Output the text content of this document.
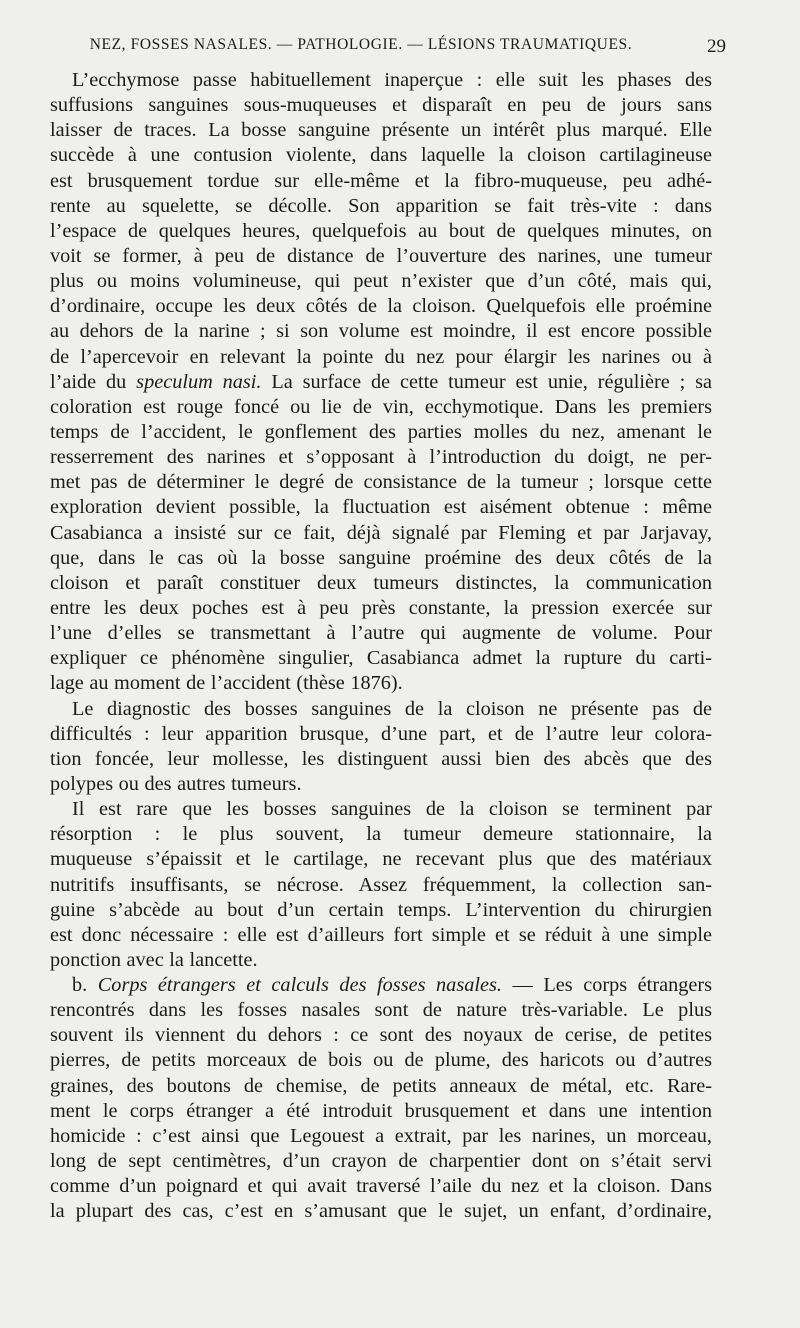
NEZ, FOSSES NASALES. — PATHOLOGIE. — LÉSIONS TRAUMATIQUES.	29
L’ecchymose passe habituellement inaperçue : elle suit les phases des
suffusions sanguines sous-muqueuses et disparaît en peu de jours sans
laisser de traces. La bosse sanguine présente un intérêt plus marqué. Elle
succède à une contusion violente, dans laquelle la cloison cartilagineuse
est brusquement tordue sur elle-même et la fibro-muqueuse, peu adhé-
rente au squelette, se décolle. Son apparition se fait très-vite : dans
l’espace de quelques heures, quelquefois au bout de quelques minutes, on
voit se former, à peu de distance de l’ouverture des narines, une tumeur
plus ou moins volumineuse, qui peut n’exister que d’un côté, mais qui,
d’ordinaire, occupe les deux côtés de la cloison. Quelquefois elle proémine
au dehors de la narine ; si son volume est moindre, il est encore possible
de l’apercevoir en relevant la pointe du nez pour élargir les narines ou à
l’aide du speculum nasi. La surface de cette tumeur est unie, régulière ; sa
coloration est rouge foncé ou lie de vin, ecchymotique. Dans les premiers
temps de l’accident, le gonflement des parties molles du nez, amenant le
resserrement des narines et s’opposant à l’introduction du doigt, ne per-
met pas de déterminer le degré de consistance de la tumeur ; lorsque cette
exploration devient possible, la fluctuation est aisément obtenue : même
Casabianca a insisté sur ce fait, déjà signalé par Fleming et par Jarjavay,
que, dans le cas où la bosse sanguine proémine des deux côtés de la
cloison et paraît constituer deux tumeurs distinctes, la communication
entre les deux poches est à peu près constante, la pression exercée sur
l’une d’elles se transmettant à l’autre qui augmente de volume. Pour
expliquer ce phénomène singulier, Casabianca admet la rupture du carti-
lage au moment de l’accident (thèse 1876).
Le diagnostic des bosses sanguines de la cloison ne présente pas de
difficultés : leur apparition brusque, d’une part, et de l’autre leur colora-
tion foncée, leur mollesse, les distinguent aussi bien des abcès que des
polypes ou des autres tumeurs.
Il est rare que les bosses sanguines de la cloison se terminent par
résorption : le plus souvent, la tumeur demeure stationnaire, la
muqueuse s’épaissit et le cartilage, ne recevant plus que des matériaux
nutritifs insuffisants, se nécrose. Assez fréquemment, la collection san-
guine s’abcède au bout d’un certain temps. L’intervention du chirurgien
est donc nécessaire : elle est d’ailleurs fort simple et se réduit à une simple
ponction avec la lancette.
b. Corps étrangers et calculs des fosses nasales. — Les corps étrangers
rencontrés dans les fosses nasales sont de nature très-variable. Le plus
souvent ils viennent du dehors : ce sont des noyaux de cerise, de petites
pierres, de petits morceaux de bois ou de plume, des haricots ou d’autres
graines, des boutons de chemise, de petits anneaux de métal, etc. Rare-
ment le corps étranger a été introduit brusquement et dans une intention
homicide : c’est ainsi que Legouest a extrait, par les narines, un morceau,
long de sept centimètres, d’un crayon de charpentier dont on s’était servi
comme d’un poignard et qui avait traversé l’aile du nez et la cloison. Dans
la plupart des cas, c’est en s’amusant que le sujet, un enfant, d’ordinaire,
